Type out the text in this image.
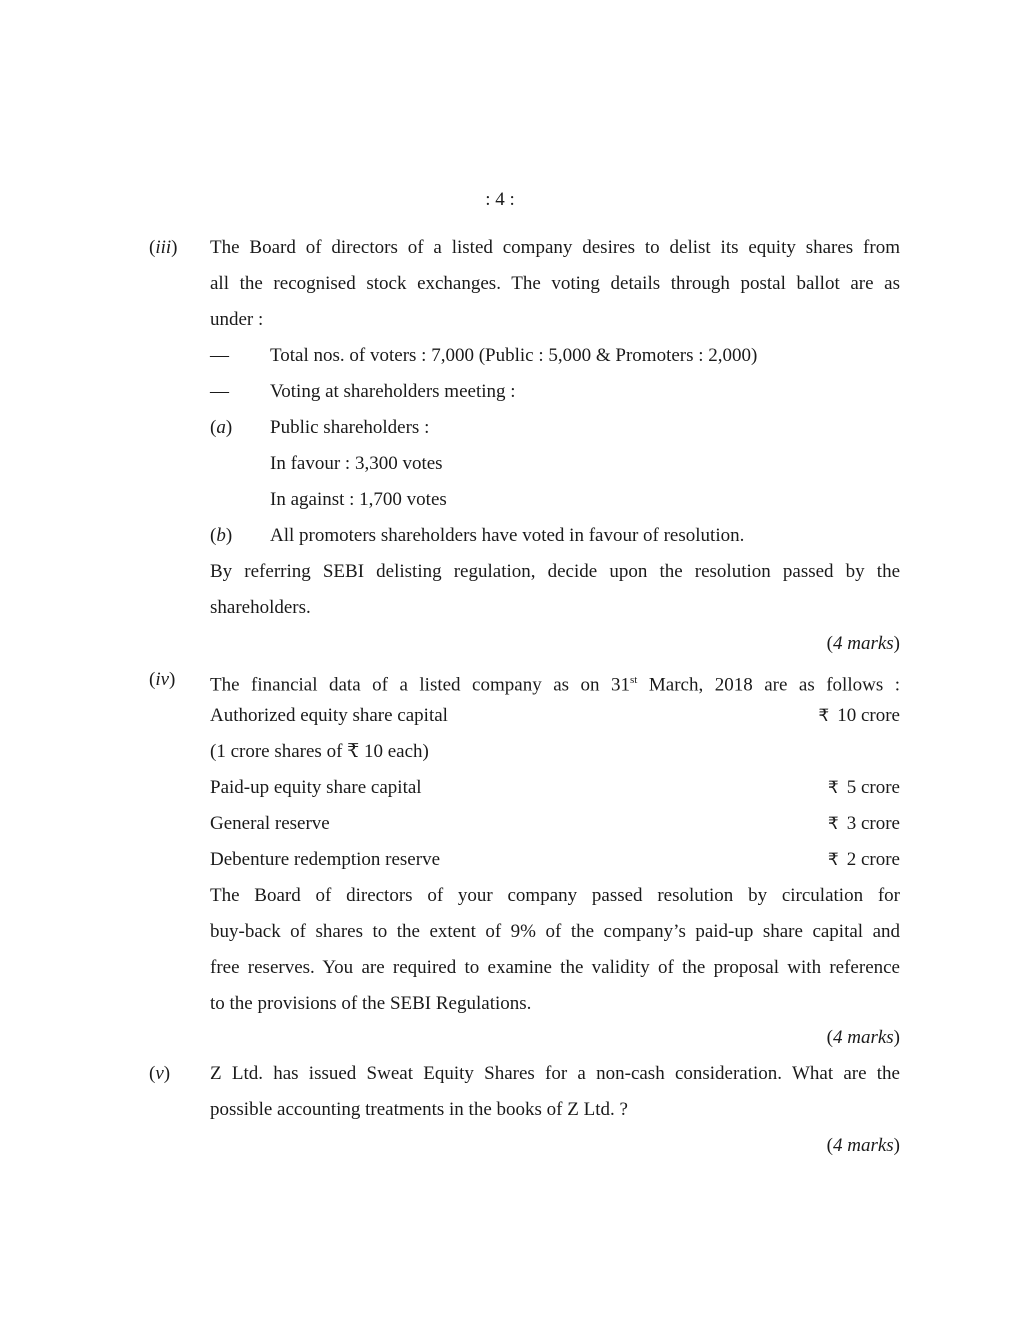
: 4 :
(iii) The Board of directors of a listed company desires to delist its equity shares from
all the recognised stock exchanges. The voting details through postal ballot are as
under :
— Total nos. of voters : 7,000 (Public : 5,000 & Promoters : 2,000)
— Voting at shareholders meeting :
(a) Public shareholders :
In favour : 3,300 votes
In against : 1,700 votes
(b) All promoters shareholders have voted in favour of resolution.
By referring SEBI delisting regulation, decide upon the resolution passed by the
shareholders.
(4 marks)
(iv) The financial data of a listed company as on 31st March, 2018 are as follows :
Authorized equity share capital	₹ 10 crore
(1 crore shares of ₹ 10 each)
Paid-up equity share capital	₹ 5 crore
General reserve	₹ 3 crore
Debenture redemption reserve	₹ 2 crore
The Board of directors of your company passed resolution by circulation for
buy-back of shares to the extent of 9% of the company’s paid-up share capital and
free reserves. You are required to examine the validity of the proposal with reference
to the provisions of the SEBI Regulations.
(4 marks)
(v) Z Ltd. has issued Sweat Equity Shares for a non-cash consideration. What are the
possible accounting treatments in the books of Z Ltd. ?
(4 marks)
